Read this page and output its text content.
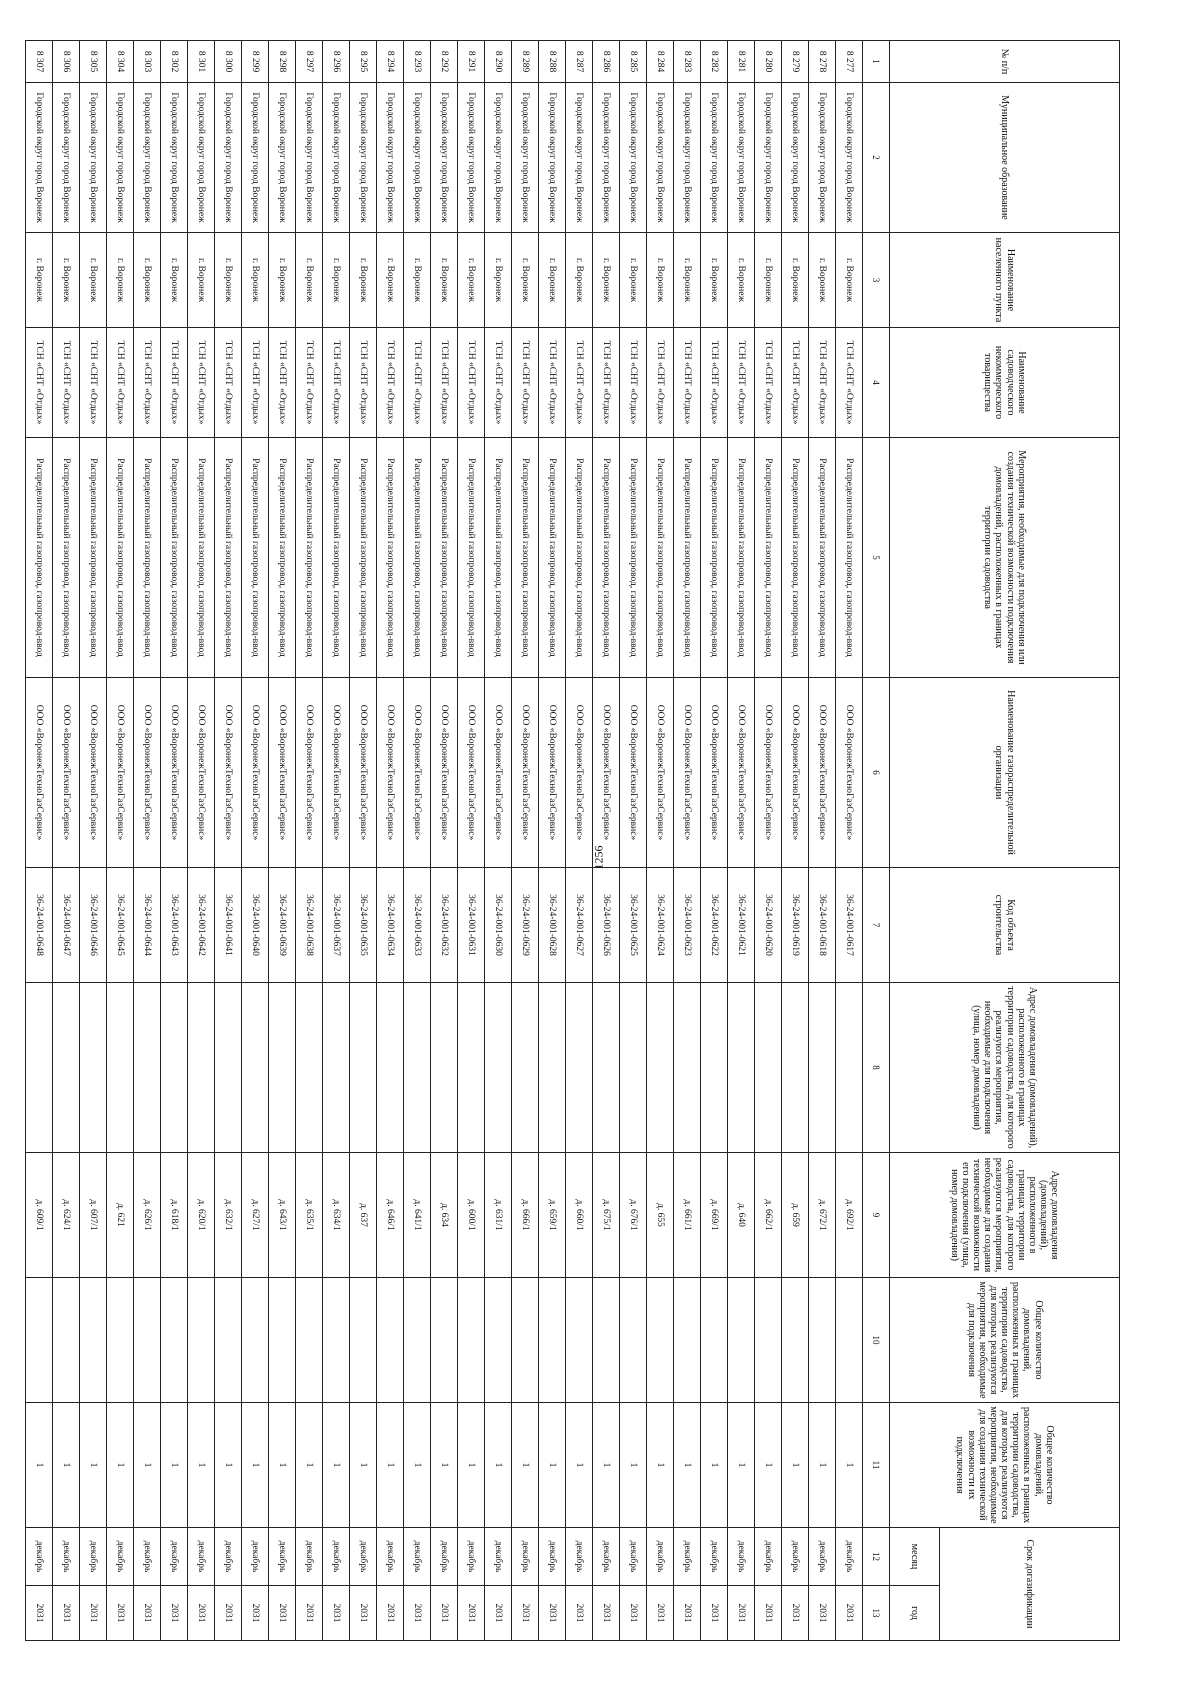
1256
№ п/п	Муниципальное образование	Наименование населенного пункта	Наименование садоводческого некоммерческого товарищества	Мероприятия, необходимые для подключения или создания технической возможности подключения домовладений, расположенных в границах территории садоводства	Наименование газораспределительной организации	Код объекта строительства	Адрес домовладения (домовладений), расположенного в границах территории садоводства, для которого реализуются мероприятия, необходимые для подключения (улица, номер домовладения)	Адрес домовладения (домовладений), расположенного в границах территории садоводства, для которого реализуются мероприятия, необходимые для создания технической возможности его подключения (улица, номер домовладения)	Общее количество домовладений, расположенных в границах территории садоводства, для которых реализуются мероприятия, необходимые для подключения	Общее количество домовладений, расположенных в границах территории садоводства, для которых реализуются мероприятия, необходимые для создания технической возможности их подключения	Срок догазификации	
											месяц	год
1	2	3	4	5	6	7	8	9	10	11	12	13
8 277	Городской округ город Воронеж	г. Воронеж	ТСН «СНТ «Отдых»	Распределительный газопровод, газопровод-ввод	ООО «ВоронежТехноГазСервис»	36-24-001-0617		д. 692/1		1	декабрь	2031
8 278	Городской округ город Воронеж	г. Воронеж	ТСН «СНТ «Отдых»	Распределительный газопровод, газопровод-ввод	ООО «ВоронежТехноГазСервис»	36-24-001-0618		д. 672/1		1	декабрь	2031
8 279	Городской округ город Воронеж	г. Воронеж	ТСН «СНТ «Отдых»	Распределительный газопровод, газопровод-ввод	ООО «ВоронежТехноГазСервис»	36-24-001-0619		д. 659		1	декабрь	2031
8 280	Городской округ город Воронеж	г. Воронеж	ТСН «СНТ «Отдых»	Распределительный газопровод, газопровод-ввод	ООО «ВоронежТехноГазСервис»	36-24-001-0620		д. 662/1		1	декабрь	2031
8 281	Городской округ город Воронеж	г. Воронеж	ТСН «СНТ «Отдых»	Распределительный газопровод, газопровод-ввод	ООО «ВоронежТехноГазСервис»	36-24-001-0621		д. 640		1	декабрь	2031
8 282	Городской округ город Воронеж	г. Воронеж	ТСН «СНТ «Отдых»	Распределительный газопровод, газопровод-ввод	ООО «ВоронежТехноГазСервис»	36-24-001-0622		д. 669/1		1	декабрь	2031
8 283	Городской округ город Воронеж	г. Воронеж	ТСН «СНТ «Отдых»	Распределительный газопровод, газопровод-ввод	ООО «ВоронежТехноГазСервис»	36-24-001-0623		д. 661/1		1	декабрь	2031
8 284	Городской округ город Воронеж	г. Воронеж	ТСН «СНТ «Отдых»	Распределительный газопровод, газопровод-ввод	ООО «ВоронежТехноГазСервис»	36-24-001-0624		д. 655		1	декабрь	2031
8 285	Городской округ город Воронеж	г. Воронеж	ТСН «СНТ «Отдых»	Распределительный газопровод, газопровод-ввод	ООО «ВоронежТехноГазСервис»	36-24-001-0625		д. 676/1		1	декабрь	2031
8 286	Городской округ город Воронеж	г. Воронеж	ТСН «СНТ «Отдых»	Распределительный газопровод, газопровод-ввод	ООО «ВоронежТехноГазСервис»	36-24-001-0626		д. 675/1		1	декабрь	2031
8 287	Городской округ город Воронеж	г. Воронеж	ТСН «СНТ «Отдых»	Распределительный газопровод, газопровод-ввод	ООО «ВоронежТехноГазСервис»	36-24-001-0627		д. 660/1		1	декабрь	2031
8 288	Городской округ город Воронеж	г. Воронеж	ТСН «СНТ «Отдых»	Распределительный газопровод, газопровод-ввод	ООО «ВоронежТехноГазСервис»	36-24-001-0628		д. 659/1		1	декабрь	2031
8 289	Городской округ город Воронеж	г. Воронеж	ТСН «СНТ «Отдых»	Распределительный газопровод, газопровод-ввод	ООО «ВоронежТехноГазСервис»	36-24-001-0629		д. 666/1		1	декабрь	2031
8 290	Городской округ город Воронеж	г. Воронеж	ТСН «СНТ «Отдых»	Распределительный газопровод, газопровод-ввод	ООО «ВоронежТехноГазСервис»	36-24-001-0630		д. 631/1		1	декабрь	2031
8 291	Городской округ город Воронеж	г. Воронеж	ТСН «СНТ «Отдых»	Распределительный газопровод, газопровод-ввод	ООО «ВоронежТехноГазСервис»	36-24-001-0631		д. 600/1		1	декабрь	2031
8 292	Городской округ город Воронеж	г. Воронеж	ТСН «СНТ «Отдых»	Распределительный газопровод, газопровод-ввод	ООО «ВоронежТехноГазСервис»	36-24-001-0632		д. 634		1	декабрь	2031
8 293	Городской округ город Воронеж	г. Воронеж	ТСН «СНТ «Отдых»	Распределительный газопровод, газопровод-ввод	ООО «ВоронежТехноГазСервис»	36-24-001-0633		д. 641/1		1	декабрь	2031
8 294	Городской округ город Воронеж	г. Воронеж	ТСН «СНТ «Отдых»	Распределительный газопровод, газопровод-ввод	ООО «ВоронежТехноГазСервис»	36-24-001-0634		д. 646/1		1	декабрь	2031
8 295	Городской округ город Воронеж	г. Воронеж	ТСН «СНТ «Отдых»	Распределительный газопровод, газопровод-ввод	ООО «ВоронежТехноГазСервис»	36-24-001-0635		д. 637		1	декабрь	2031
8 296	Городской округ город Воронеж	г. Воронеж	ТСН «СНТ «Отдых»	Распределительный газопровод, газопровод-ввод	ООО «ВоронежТехноГазСервис»	36-24-001-0637		д. 634/1		1	декабрь	2031
8 297	Городской округ город Воронеж	г. Воронеж	ТСН «СНТ «Отдых»	Распределительный газопровод, газопровод-ввод	ООО «ВоронежТехноГазСервис»	36-24-001-0638		д. 635/1		1	декабрь	2031
8 298	Городской округ город Воронеж	г. Воронеж	ТСН «СНТ «Отдых»	Распределительный газопровод, газопровод-ввод	ООО «ВоронежТехноГазСервис»	36-24-001-0639		д. 643/1		1	декабрь	2031
8 299	Городской округ город Воронеж	г. Воронеж	ТСН «СНТ «Отдых»	Распределительный газопровод, газопровод-ввод	ООО «ВоронежТехноГазСервис»	36-24-001-0640		д. 627/1		1	декабрь	2031
8 300	Городской округ город Воронеж	г. Воронеж	ТСН «СНТ «Отдых»	Распределительный газопровод, газопровод-ввод	ООО «ВоронежТехноГазСервис»	36-24-001-0641		д. 632/1		1	декабрь	2031
8 301	Городской округ город Воронеж	г. Воронеж	ТСН «СНТ «Отдых»	Распределительный газопровод, газопровод-ввод	ООО «ВоронежТехноГазСервис»	36-24-001-0642		д. 620/1		1	декабрь	2031
8 302	Городской округ город Воронеж	г. Воронеж	ТСН «СНТ «Отдых»	Распределительный газопровод, газопровод-ввод	ООО «ВоронежТехноГазСервис»	36-24-001-0643		д. 618/1		1	декабрь	2031
8 303	Городской округ город Воронеж	г. Воронеж	ТСН «СНТ «Отдых»	Распределительный газопровод, газопровод-ввод	ООО «ВоронежТехноГазСервис»	36-24-001-0644		д. 626/1		1	декабрь	2031
8 304	Городской округ город Воронеж	г. Воронеж	ТСН «СНТ «Отдых»	Распределительный газопровод, газопровод-ввод	ООО «ВоронежТехноГазСервис»	36-24-001-0645		д. 621		1	декабрь	2031
8 305	Городской округ город Воронеж	г. Воронеж	ТСН «СНТ «Отдых»	Распределительный газопровод, газопровод-ввод	ООО «ВоронежТехноГазСервис»	36-24-001-0646		д. 607/1		1	декабрь	2031
8 306	Городской округ город Воронеж	г. Воронеж	ТСН «СНТ «Отдых»	Распределительный газопровод, газопровод-ввод	ООО «ВоронежТехноГазСервис»	36-24-001-0647		д. 624/1		1	декабрь	2031
8 307	Городской округ город Воронеж	г. Воронеж	ТСН «СНТ «Отдых»	Распределительный газопровод, газопровод-ввод	ООО «ВоронежТехноГазСервис»	36-24-001-0648		д. 609/1		1	декабрь	2031
